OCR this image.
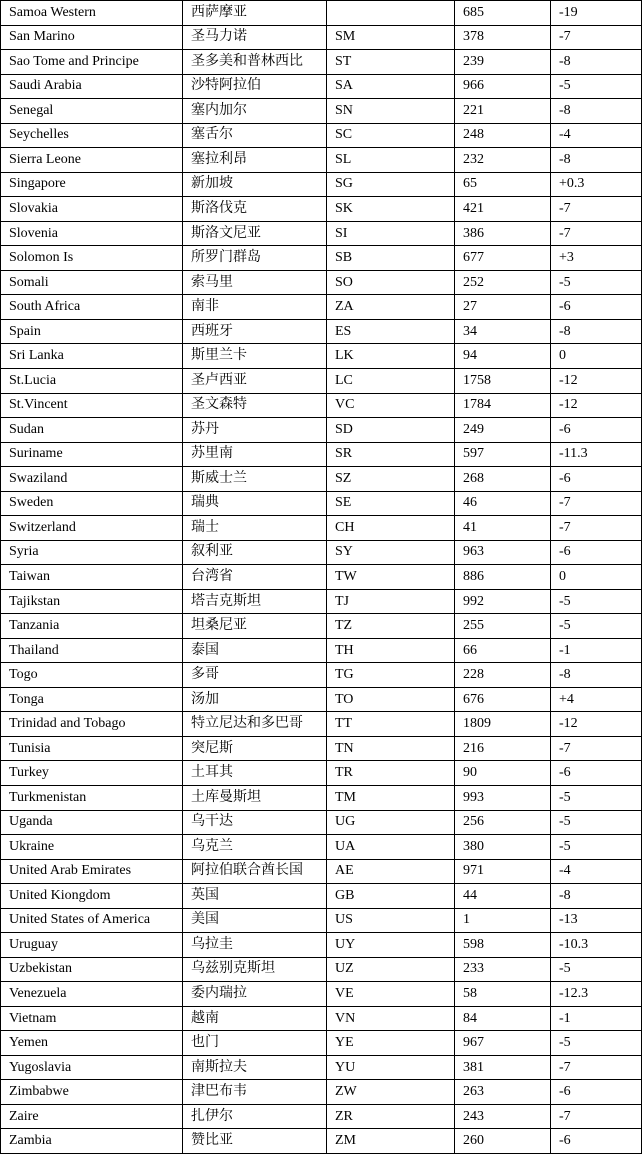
Samoa Western	西萨摩亚		685	-19
San Marino	圣马力诺	SM	378	-7
Sao Tome and Principe	圣多美和普林西比	ST	239	-8
Saudi Arabia	沙特阿拉伯	SA	966	-5
Senegal	塞内加尔	SN	221	-8
Seychelles	塞舌尔	SC	248	-4
Sierra Leone	塞拉利昂	SL	232	-8
Singapore	新加坡	SG	65	+0.3
Slovakia	斯洛伐克	SK	421	-7
Slovenia	斯洛文尼亚	SI	386	-7
Solomon Is	所罗门群岛	SB	677	+3
Somali	索马里	SO	252	-5
South Africa	南非	ZA	27	-6
Spain	西班牙	ES	34	-8
Sri Lanka	斯里兰卡	LK	94	0
St.Lucia	圣卢西亚	LC	1758	-12
St.Vincent	圣文森特	VC	1784	-12
Sudan	苏丹	SD	249	-6
Suriname	苏里南	SR	597	-11.3
Swaziland	斯威士兰	SZ	268	-6
Sweden	瑞典	SE	46	-7
Switzerland	瑞士	CH	41	-7
Syria	叙利亚	SY	963	-6
Taiwan	台湾省	TW	886	0
Tajikstan	塔吉克斯坦	TJ	992	-5
Tanzania	坦桑尼亚	TZ	255	-5
Thailand	泰国	TH	66	-1
Togo	多哥	TG	228	-8
Tonga	汤加	TO	676	+4
Trinidad and Tobago	特立尼达和多巴哥	TT	1809	-12
Tunisia	突尼斯	TN	216	-7
Turkey	土耳其	TR	90	-6
Turkmenistan	土库曼斯坦	TM	993	-5
Uganda	乌干达	UG	256	-5
Ukraine	乌克兰	UA	380	-5
United Arab Emirates	阿拉伯联合酋长国	AE	971	-4
United Kiongdom	英国	GB	44	-8
United States of America	美国	US	1	-13
Uruguay	乌拉圭	UY	598	-10.3
Uzbekistan	乌兹别克斯坦	UZ	233	-5
Venezuela	委内瑞拉	VE	58	-12.3
Vietnam	越南	VN	84	-1
Yemen	也门	YE	967	-5
Yugoslavia	南斯拉夫	YU	381	-7
Zimbabwe	津巴布韦	ZW	263	-6
Zaire	扎伊尔	ZR	243	-7
Zambia	赞比亚	ZM	260	-6
